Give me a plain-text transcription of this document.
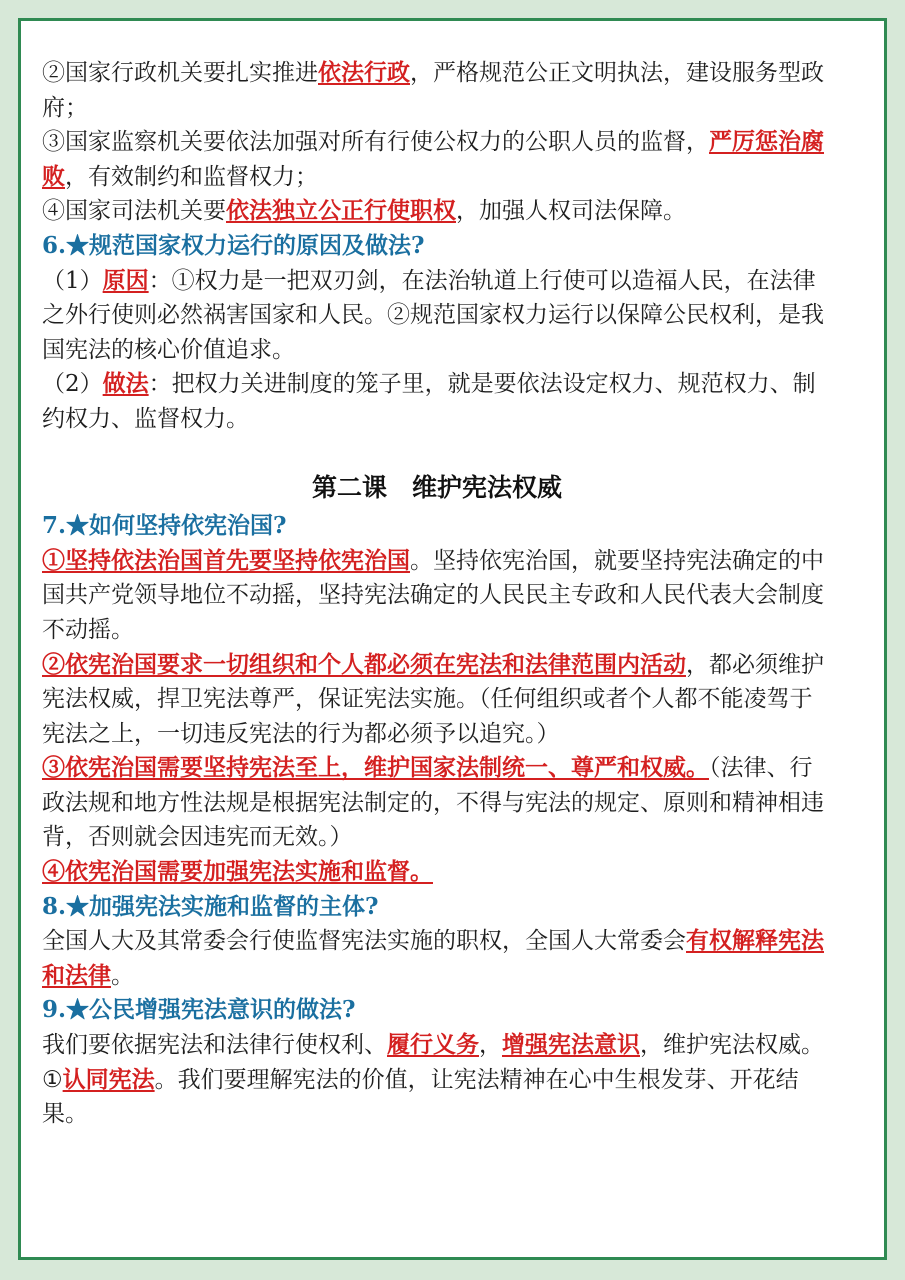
②国家行政机关要扎实推进依法行政，严格规范公正文明执法，建设服务型政府；

③国家监察机关要依法加强对所有行使公权力的公职人员的监督，严厉惩治腐败，有效制约和监督权力；

④国家司法机关要依法独立公正行使职权，加强人权司法保障。

6.★规范国家权力运行的原因及做法?

（1）原因：①权力是一把双刃剑，在法治轨道上行使可以造福人民，在法律之外行使则必然祸害国家和人民。②规范国家权力运行以保障公民权利，是我国宪法的核心价值追求。

（2）做法：把权力关进制度的笼子里，就是要依法设定权力、规范权力、制约权力、监督权力。

第二课　维护宪法权威

7.★如何坚持依宪治国?

①坚持依法治国首先要坚持依宪治国。坚持依宪治国，就要坚持宪法确定的中国共产党领导地位不动摇，坚持宪法确定的人民民主专政和人民代表大会制度不动摇。

②依宪治国要求一切组织和个人都必须在宪法和法律范围内活动，都必须维护宪法权威，捍卫宪法尊严，保证宪法实施。（任何组织或者个人都不能凌驾于宪法之上，一切违反宪法的行为都必须予以追究。）

③依宪治国需要坚持宪法至上，维护国家法制统一、尊严和权威。（法律、行政法规和地方性法规是根据宪法制定的，不得与宪法的规定、原则和精神相违背，否则就会因违宪而无效。）

④依宪治国需要加强宪法实施和监督。

8.★加强宪法实施和监督的主体?

全国人大及其常委会行使监督宪法实施的职权，全国人大常委会有权解释宪法和法律。

9.★公民增强宪法意识的做法?

我们要依据宪法和法律行使权利、履行义务，增强宪法意识，维护宪法权威。

①认同宪法。我们要理解宪法的价值，让宪法精神在心中生根发芽、开花结果。
